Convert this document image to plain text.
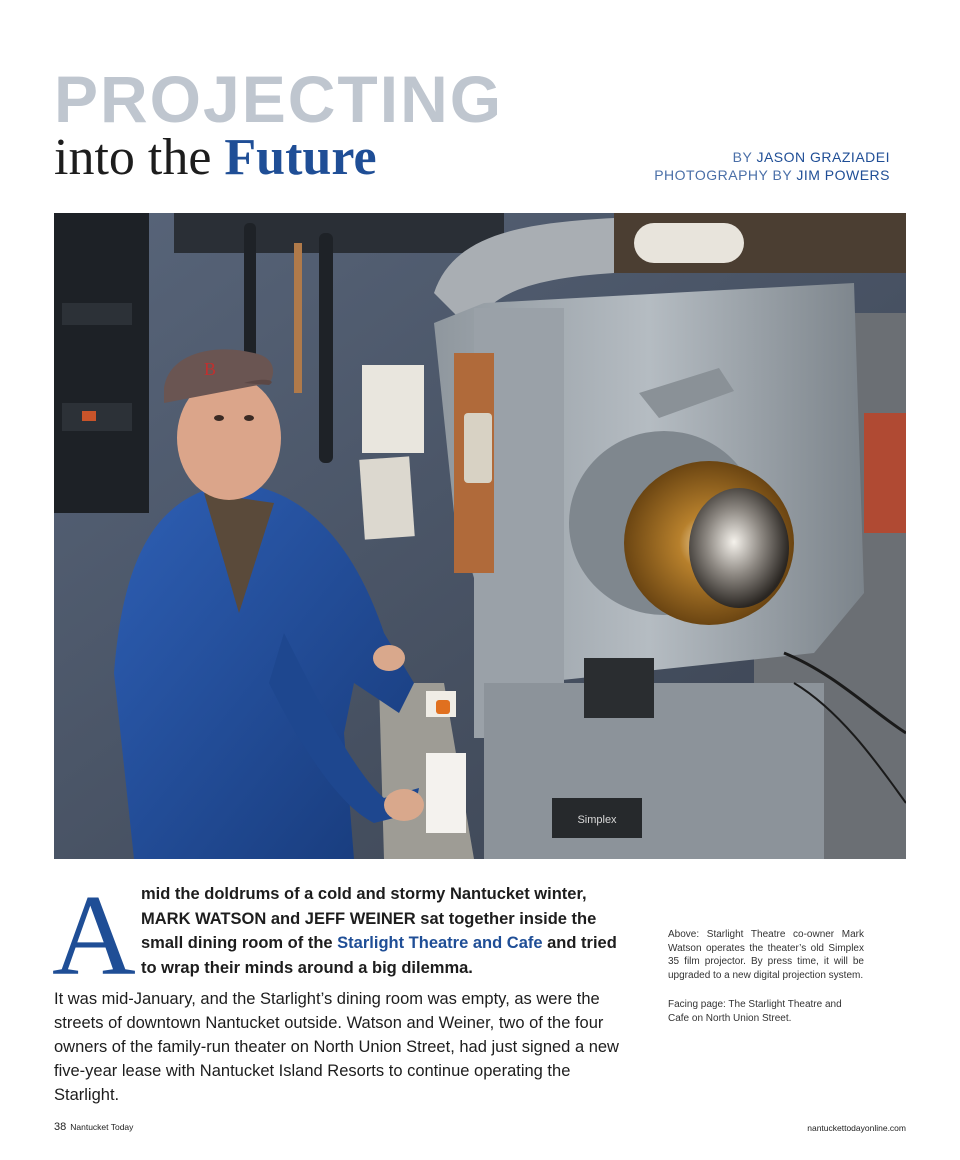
PROJECTING
into the Future	BY JASON GRAZIADEI
PHOTOGRAPHY BY JIM POWERS
Simplex
B
A mid the doldrums of a cold and stormy Nantucket winter, MARK WATSON and JEFF WEINER sat together inside the small dining room of the Starlight Theatre and Cafe and tried to wrap their minds around a big dilemma.
It was mid-January, and the Starlight’s dining room was empty, as were the streets of downtown Nantucket outside. Watson and Weiner, two of the four owners of the family-run theater on North Union Street, had just signed a new five-year lease with Nantucket Island Resorts to continue operating the Starlight.
Above: Starlight Theatre co-owner Mark Watson operates the theater’s old Simplex 35 film projector. By press time, it will be upgraded to a new digital projection system.
Facing page: The Starlight Theatre and Cafe on North Union Street.
38 Nantucket Today	nantuckettodayonline.com
